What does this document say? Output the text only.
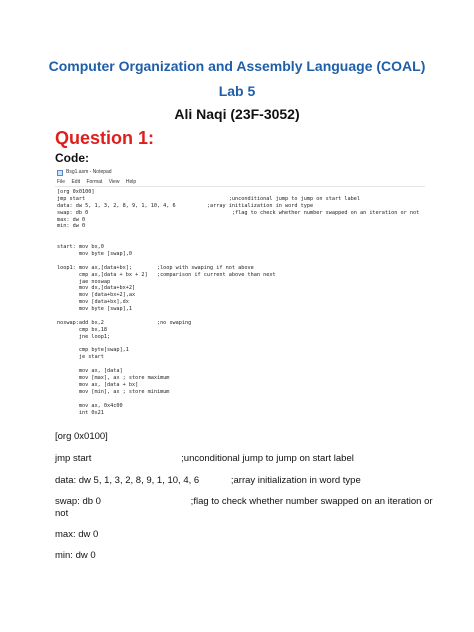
Computer Organization and Assembly Language (COAL)
Lab 5
Ali Naqi (23F-3052)
Question 1:
Code:
Bsg1.asm - Notepad
File Edit Format View Help
[org 0x0100]
jmp start                                              ;unconditional jump to jump on start label
data: dw 5, 1, 3, 2, 8, 9, 1, 10, 4, 6          ;array initialization in word type
swap: db 0                                              ;flag to check whether number swapped on an iteration or not
max: dw 0
min: dw 0
start: mov bx,0
mov byte [swap],0
loop1: mov ax,[data+bx];        ;loop with swaping if not above
cmp ax,[data + bx + 2]   ;comparison if current above than next
jae noswap
mov dx,[data+bx+2]
mov [data+bx+2],ax
mov [data+bx],dx
mov byte [swap],1
noswap:add bx,2                 ;no swaping
cmp bx,18
jne loop1;
cmp byte[swap],1
je start
mov ax, [data]
mov [max], ax ; store maximum
mov ax, [data + bx]
mov [min], ax ; store minimum
mov ax, 0x4c00
int 0x21
[org 0x0100]
jmp start                                  ;unconditional jump to jump on start label
data: dw 5, 1, 3, 2, 8, 9, 1, 10, 4, 6            ;array initialization in word type
swap: db 0                                  ;flag to check whether number swapped on an iteration or
not
max: dw 0
min: dw 0
